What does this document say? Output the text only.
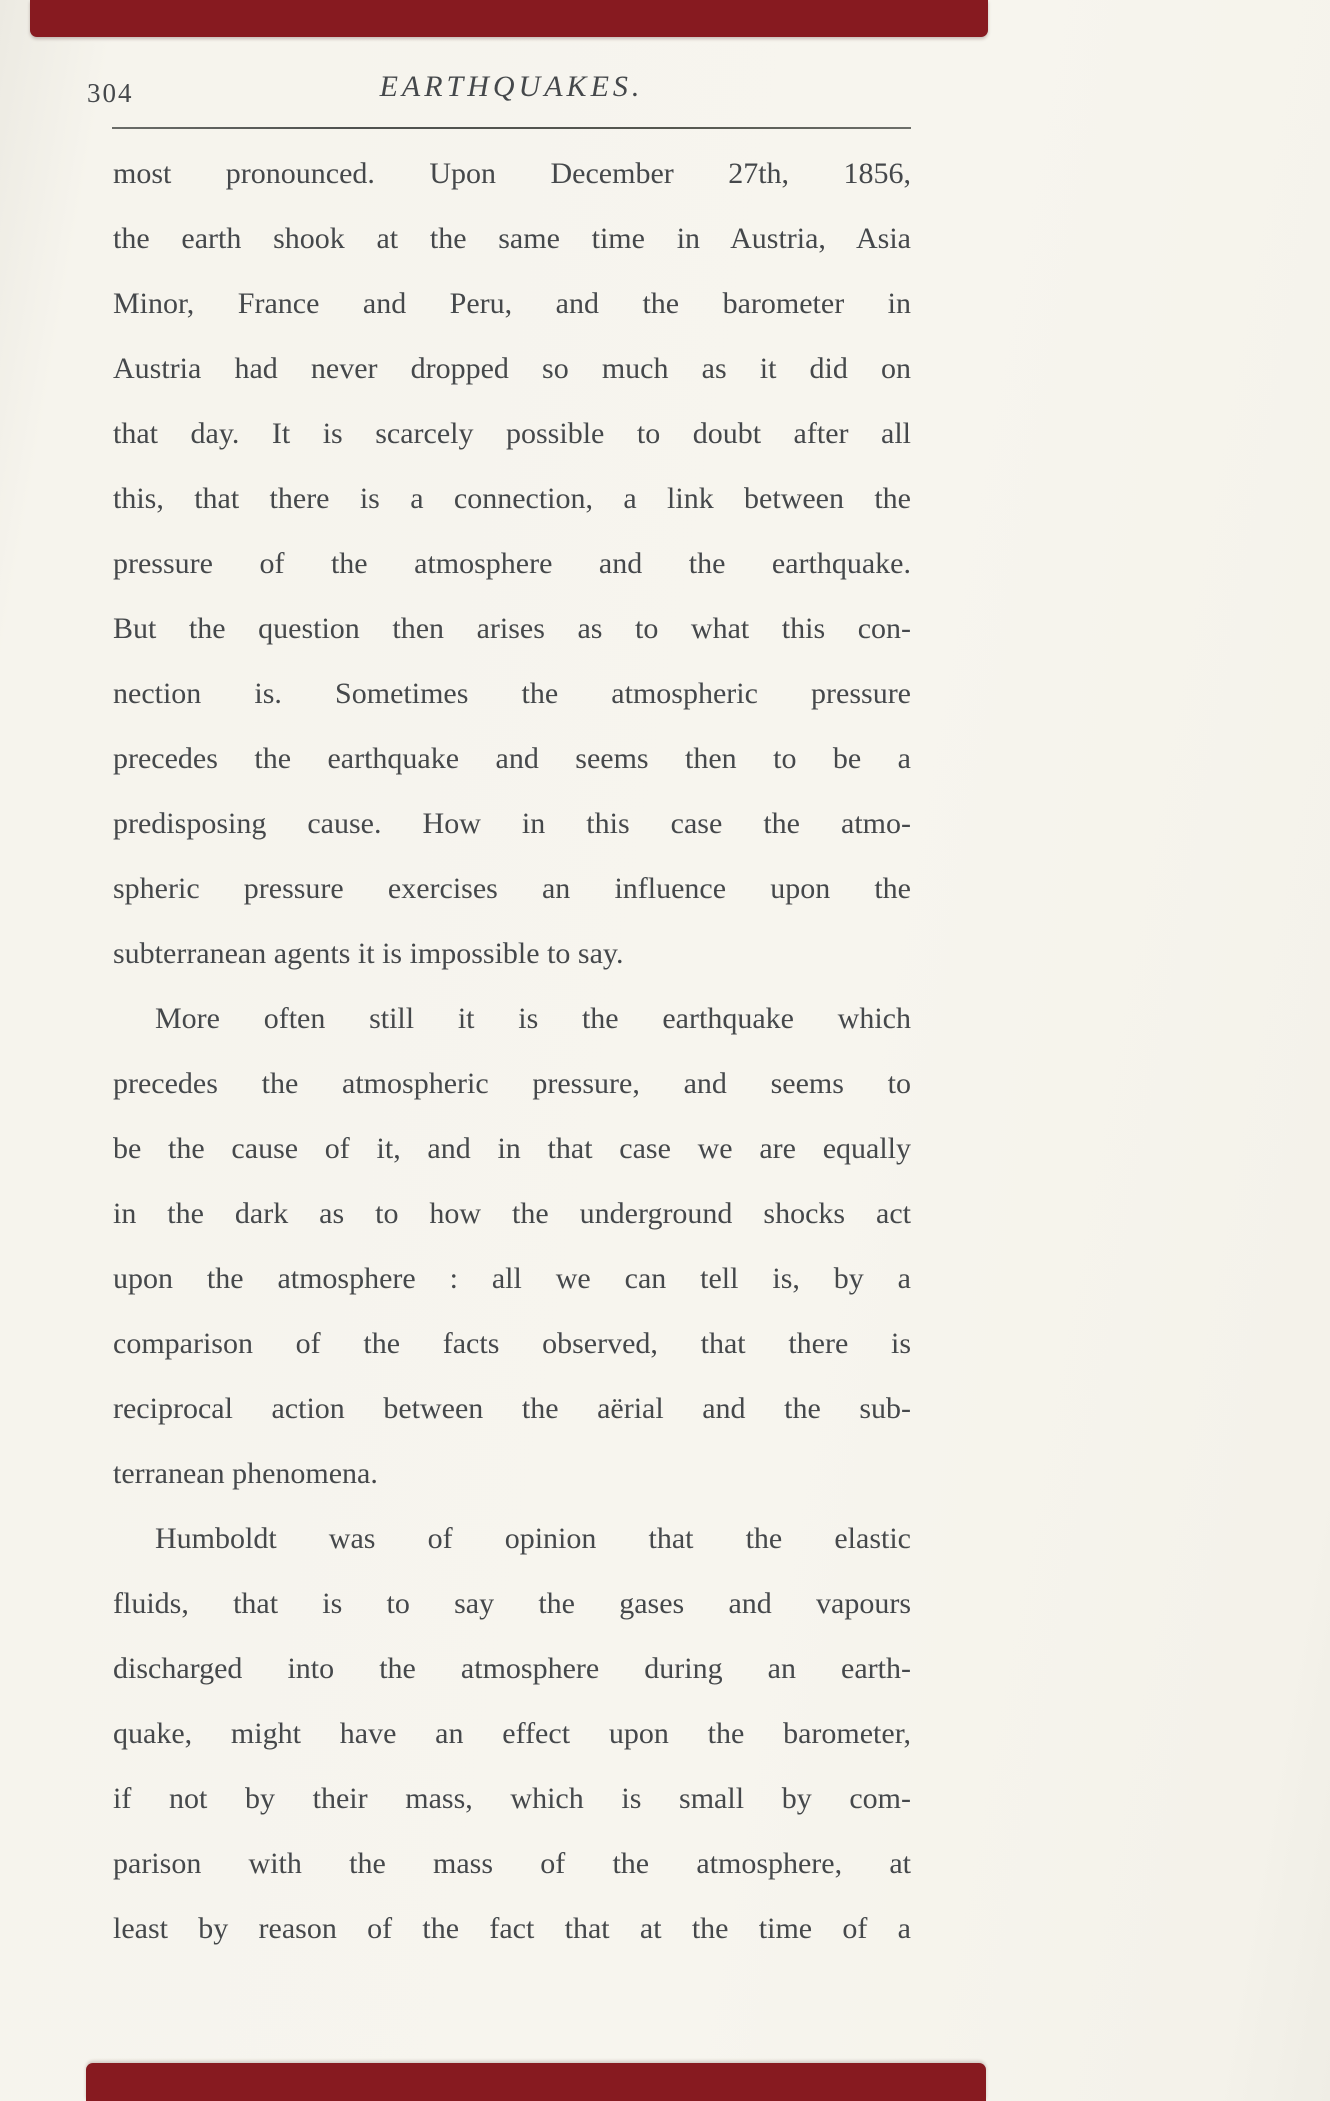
304	EARTHQUAKES.
most pronounced. Upon December 27th, 1856,
the earth shook at the same time in Austria, Asia
Minor, France and Peru, and the barometer in
Austria had never dropped so much as it did on
that day. It is scarcely possible to doubt after all
this, that there is a connection, a link between the
pressure of the atmosphere and the earthquake.
But the question then arises as to what this con-
nection is. Sometimes the atmospheric pressure
precedes the earthquake and seems then to be a
predisposing cause. How in this case the atmo-
spheric pressure exercises an influence upon the
subterranean agents it is impossible to say.
More often still it is the earthquake which
precedes the atmospheric pressure, and seems to
be the cause of it, and in that case we are equally
in the dark as to how the underground shocks act
upon the atmosphere : all we can tell is, by a
comparison of the facts observed, that there is
reciprocal action between the aërial and the sub-
terranean phenomena.
Humboldt was of opinion that the elastic
fluids, that is to say the gases and vapours
discharged into the atmosphere during an earth-
quake, might have an effect upon the barometer,
if not by their mass, which is small by com-
parison with the mass of the atmosphere, at
least by reason of the fact that at the time of a
